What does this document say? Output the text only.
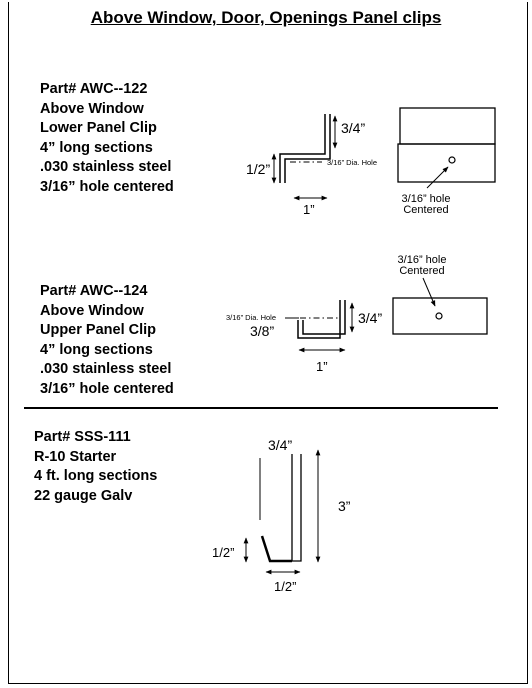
Above Window, Door, Openings Panel clips
Part# AWC--122
Above Window
Lower Panel Clip
4” long sections
.030 stainless steel
3/16” hole centered
Part# AWC--124
Above Window
Upper Panel Clip
4” long sections
.030 stainless steel
3/16” hole centered
Part# SSS-111
R-10 Starter
4 ft. long sections
22 gauge Galv
3/4”
1/2”	3/16” Dia. Hole
1”
3/16” hole
Centered
3/16” hole
Centered
3/16” Dia. Hole
3/8”
3/4”
1”
3/4”
3”
1/2”
1/2”
